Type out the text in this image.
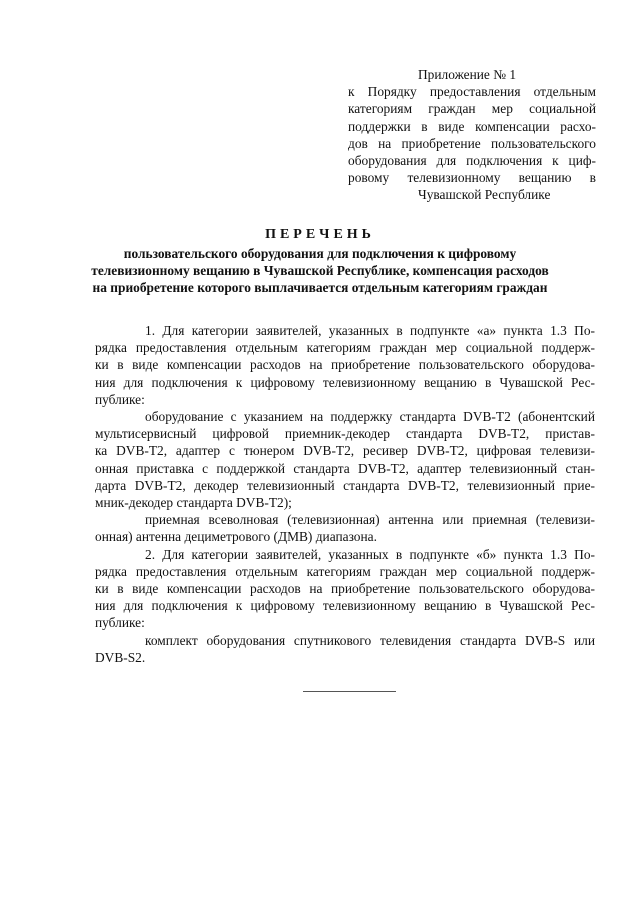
Приложение № 1
к Порядку предоставления отдельным
категориям граждан мер социальной
поддержки в виде компенсации расхо-
дов на приобретение пользовательского
оборудования для подключения к циф-
ровому телевизионному вещанию в
Чувашской Республике
ПЕРЕЧЕНЬ
пользовательского оборудования для подключения к цифровому
телевизионному вещанию в Чувашской Республике, компенсация расходов
на приобретение которого выплачивается отдельным категориям граждан
1. Для категории заявителей, указанных в подпункте «а» пункта 1.3 По-
рядка предоставления отдельным категориям граждан мер социальной поддерж-
ки в виде компенсации расходов на приобретение пользовательского оборудова-
ния для подключения к цифровому телевизионному вещанию в Чувашской Рес-
публике:
оборудование с указанием на поддержку стандарта DVB-T2 (абонентский
мультисервисный цифровой приемник-декодер стандарта DVB-T2, пристав-
ка DVB-T2, адаптер с тюнером DVB-T2, ресивер DVB-T2, цифровая телевизи-
онная приставка с поддержкой стандарта DVB-T2, адаптер телевизионный стан-
дарта DVB-T2, декодер телевизионный стандарта DVB-T2, телевизионный прие-
мник-декодер стандарта DVB-T2);
приемная всеволновая (телевизионная) антенна или приемная (телевизи-
онная) антенна дециметрового (ДМВ) диапазона.
2. Для категории заявителей, указанных в подпункте «б» пункта 1.3 По-
рядка предоставления отдельным категориям граждан мер социальной поддерж-
ки в виде компенсации расходов на приобретение пользовательского оборудова-
ния для подключения к цифровому телевизионному вещанию в Чувашской Рес-
публике:
комплект оборудования спутникового телевидения стандарта DVB-S или
DVB-S2.
